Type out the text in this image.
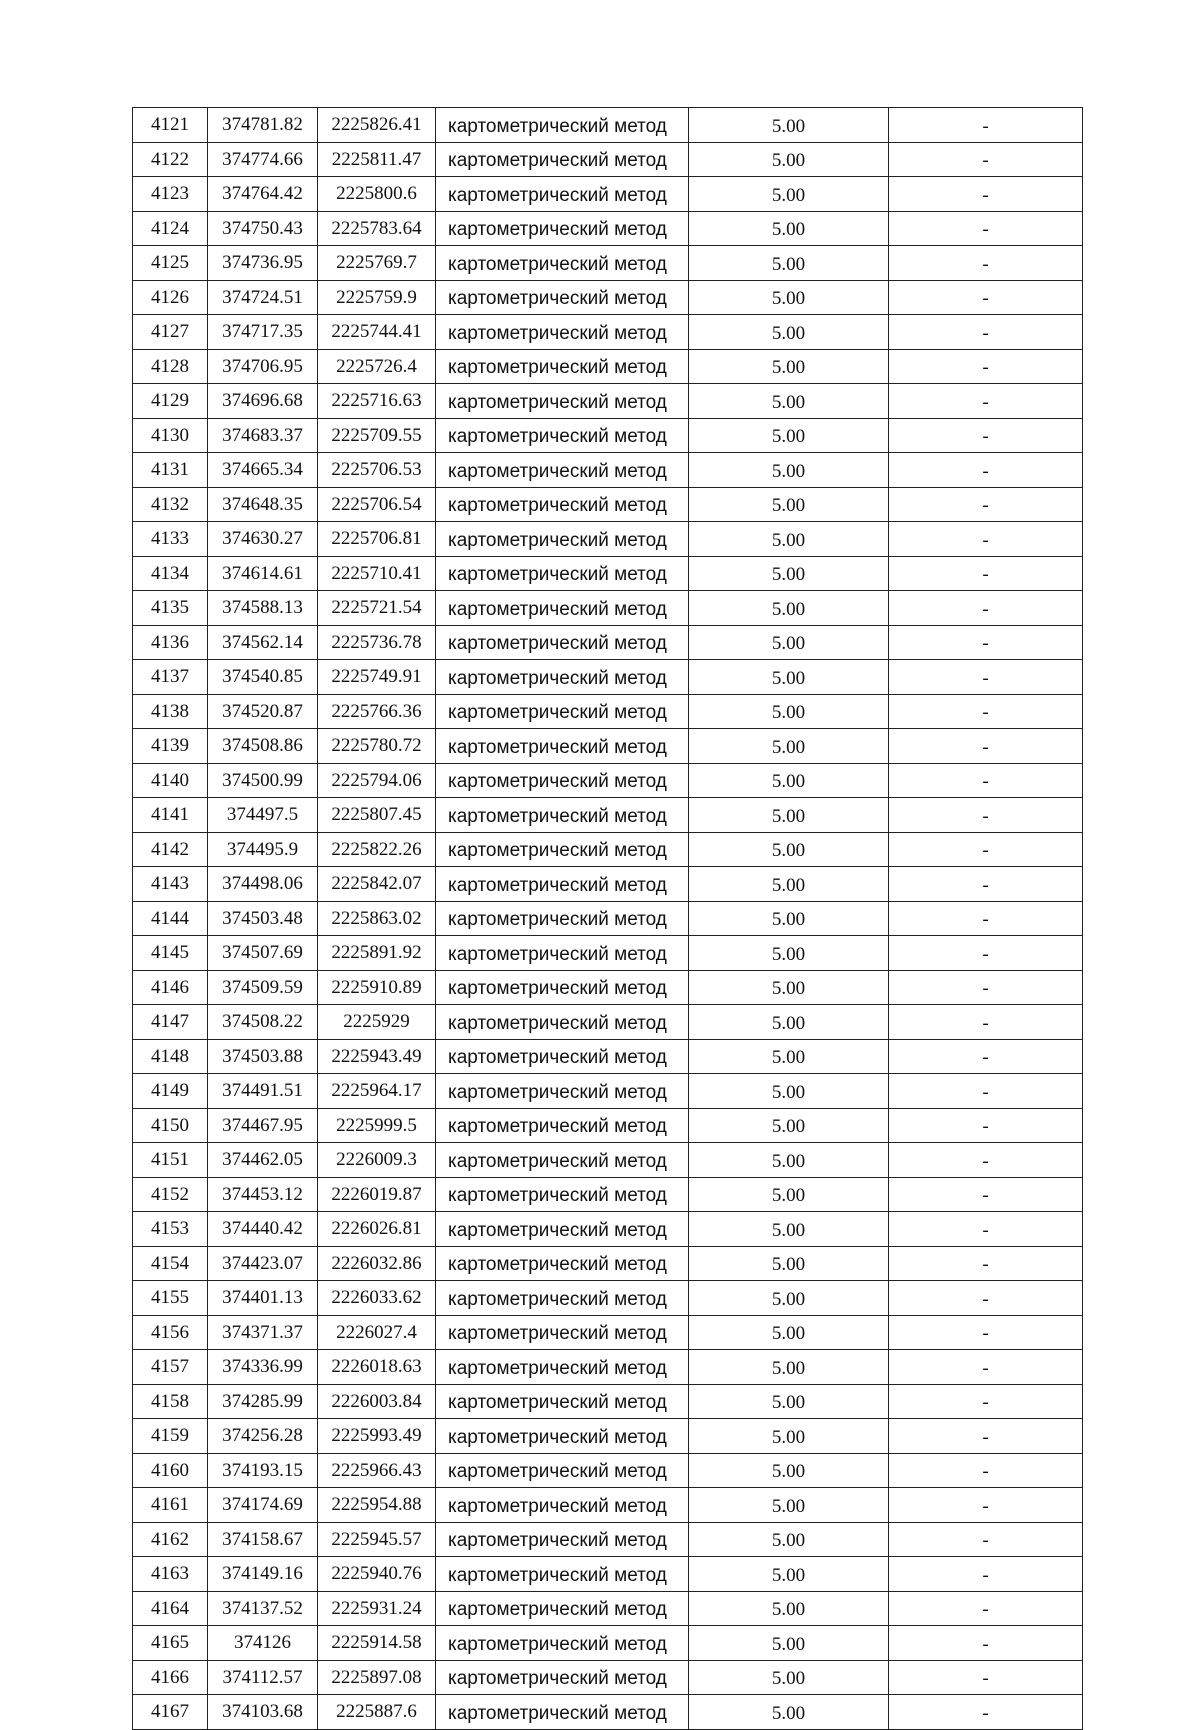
4121	374781.82	2225826.41	картометрический метод	5.00	-
4122	374774.66	2225811.47	картометрический метод	5.00	-
4123	374764.42	2225800.6	картометрический метод	5.00	-
4124	374750.43	2225783.64	картометрический метод	5.00	-
4125	374736.95	2225769.7	картометрический метод	5.00	-
4126	374724.51	2225759.9	картометрический метод	5.00	-
4127	374717.35	2225744.41	картометрический метод	5.00	-
4128	374706.95	2225726.4	картометрический метод	5.00	-
4129	374696.68	2225716.63	картометрический метод	5.00	-
4130	374683.37	2225709.55	картометрический метод	5.00	-
4131	374665.34	2225706.53	картометрический метод	5.00	-
4132	374648.35	2225706.54	картометрический метод	5.00	-
4133	374630.27	2225706.81	картометрический метод	5.00	-
4134	374614.61	2225710.41	картометрический метод	5.00	-
4135	374588.13	2225721.54	картометрический метод	5.00	-
4136	374562.14	2225736.78	картометрический метод	5.00	-
4137	374540.85	2225749.91	картометрический метод	5.00	-
4138	374520.87	2225766.36	картометрический метод	5.00	-
4139	374508.86	2225780.72	картометрический метод	5.00	-
4140	374500.99	2225794.06	картометрический метод	5.00	-
4141	374497.5	2225807.45	картометрический метод	5.00	-
4142	374495.9	2225822.26	картометрический метод	5.00	-
4143	374498.06	2225842.07	картометрический метод	5.00	-
4144	374503.48	2225863.02	картометрический метод	5.00	-
4145	374507.69	2225891.92	картометрический метод	5.00	-
4146	374509.59	2225910.89	картометрический метод	5.00	-
4147	374508.22	2225929	картометрический метод	5.00	-
4148	374503.88	2225943.49	картометрический метод	5.00	-
4149	374491.51	2225964.17	картометрический метод	5.00	-
4150	374467.95	2225999.5	картометрический метод	5.00	-
4151	374462.05	2226009.3	картометрический метод	5.00	-
4152	374453.12	2226019.87	картометрический метод	5.00	-
4153	374440.42	2226026.81	картометрический метод	5.00	-
4154	374423.07	2226032.86	картометрический метод	5.00	-
4155	374401.13	2226033.62	картометрический метод	5.00	-
4156	374371.37	2226027.4	картометрический метод	5.00	-
4157	374336.99	2226018.63	картометрический метод	5.00	-
4158	374285.99	2226003.84	картометрический метод	5.00	-
4159	374256.28	2225993.49	картометрический метод	5.00	-
4160	374193.15	2225966.43	картометрический метод	5.00	-
4161	374174.69	2225954.88	картометрический метод	5.00	-
4162	374158.67	2225945.57	картометрический метод	5.00	-
4163	374149.16	2225940.76	картометрический метод	5.00	-
4164	374137.52	2225931.24	картометрический метод	5.00	-
4165	374126	2225914.58	картометрический метод	5.00	-
4166	374112.57	2225897.08	картометрический метод	5.00	-
4167	374103.68	2225887.6	картометрический метод	5.00	-
